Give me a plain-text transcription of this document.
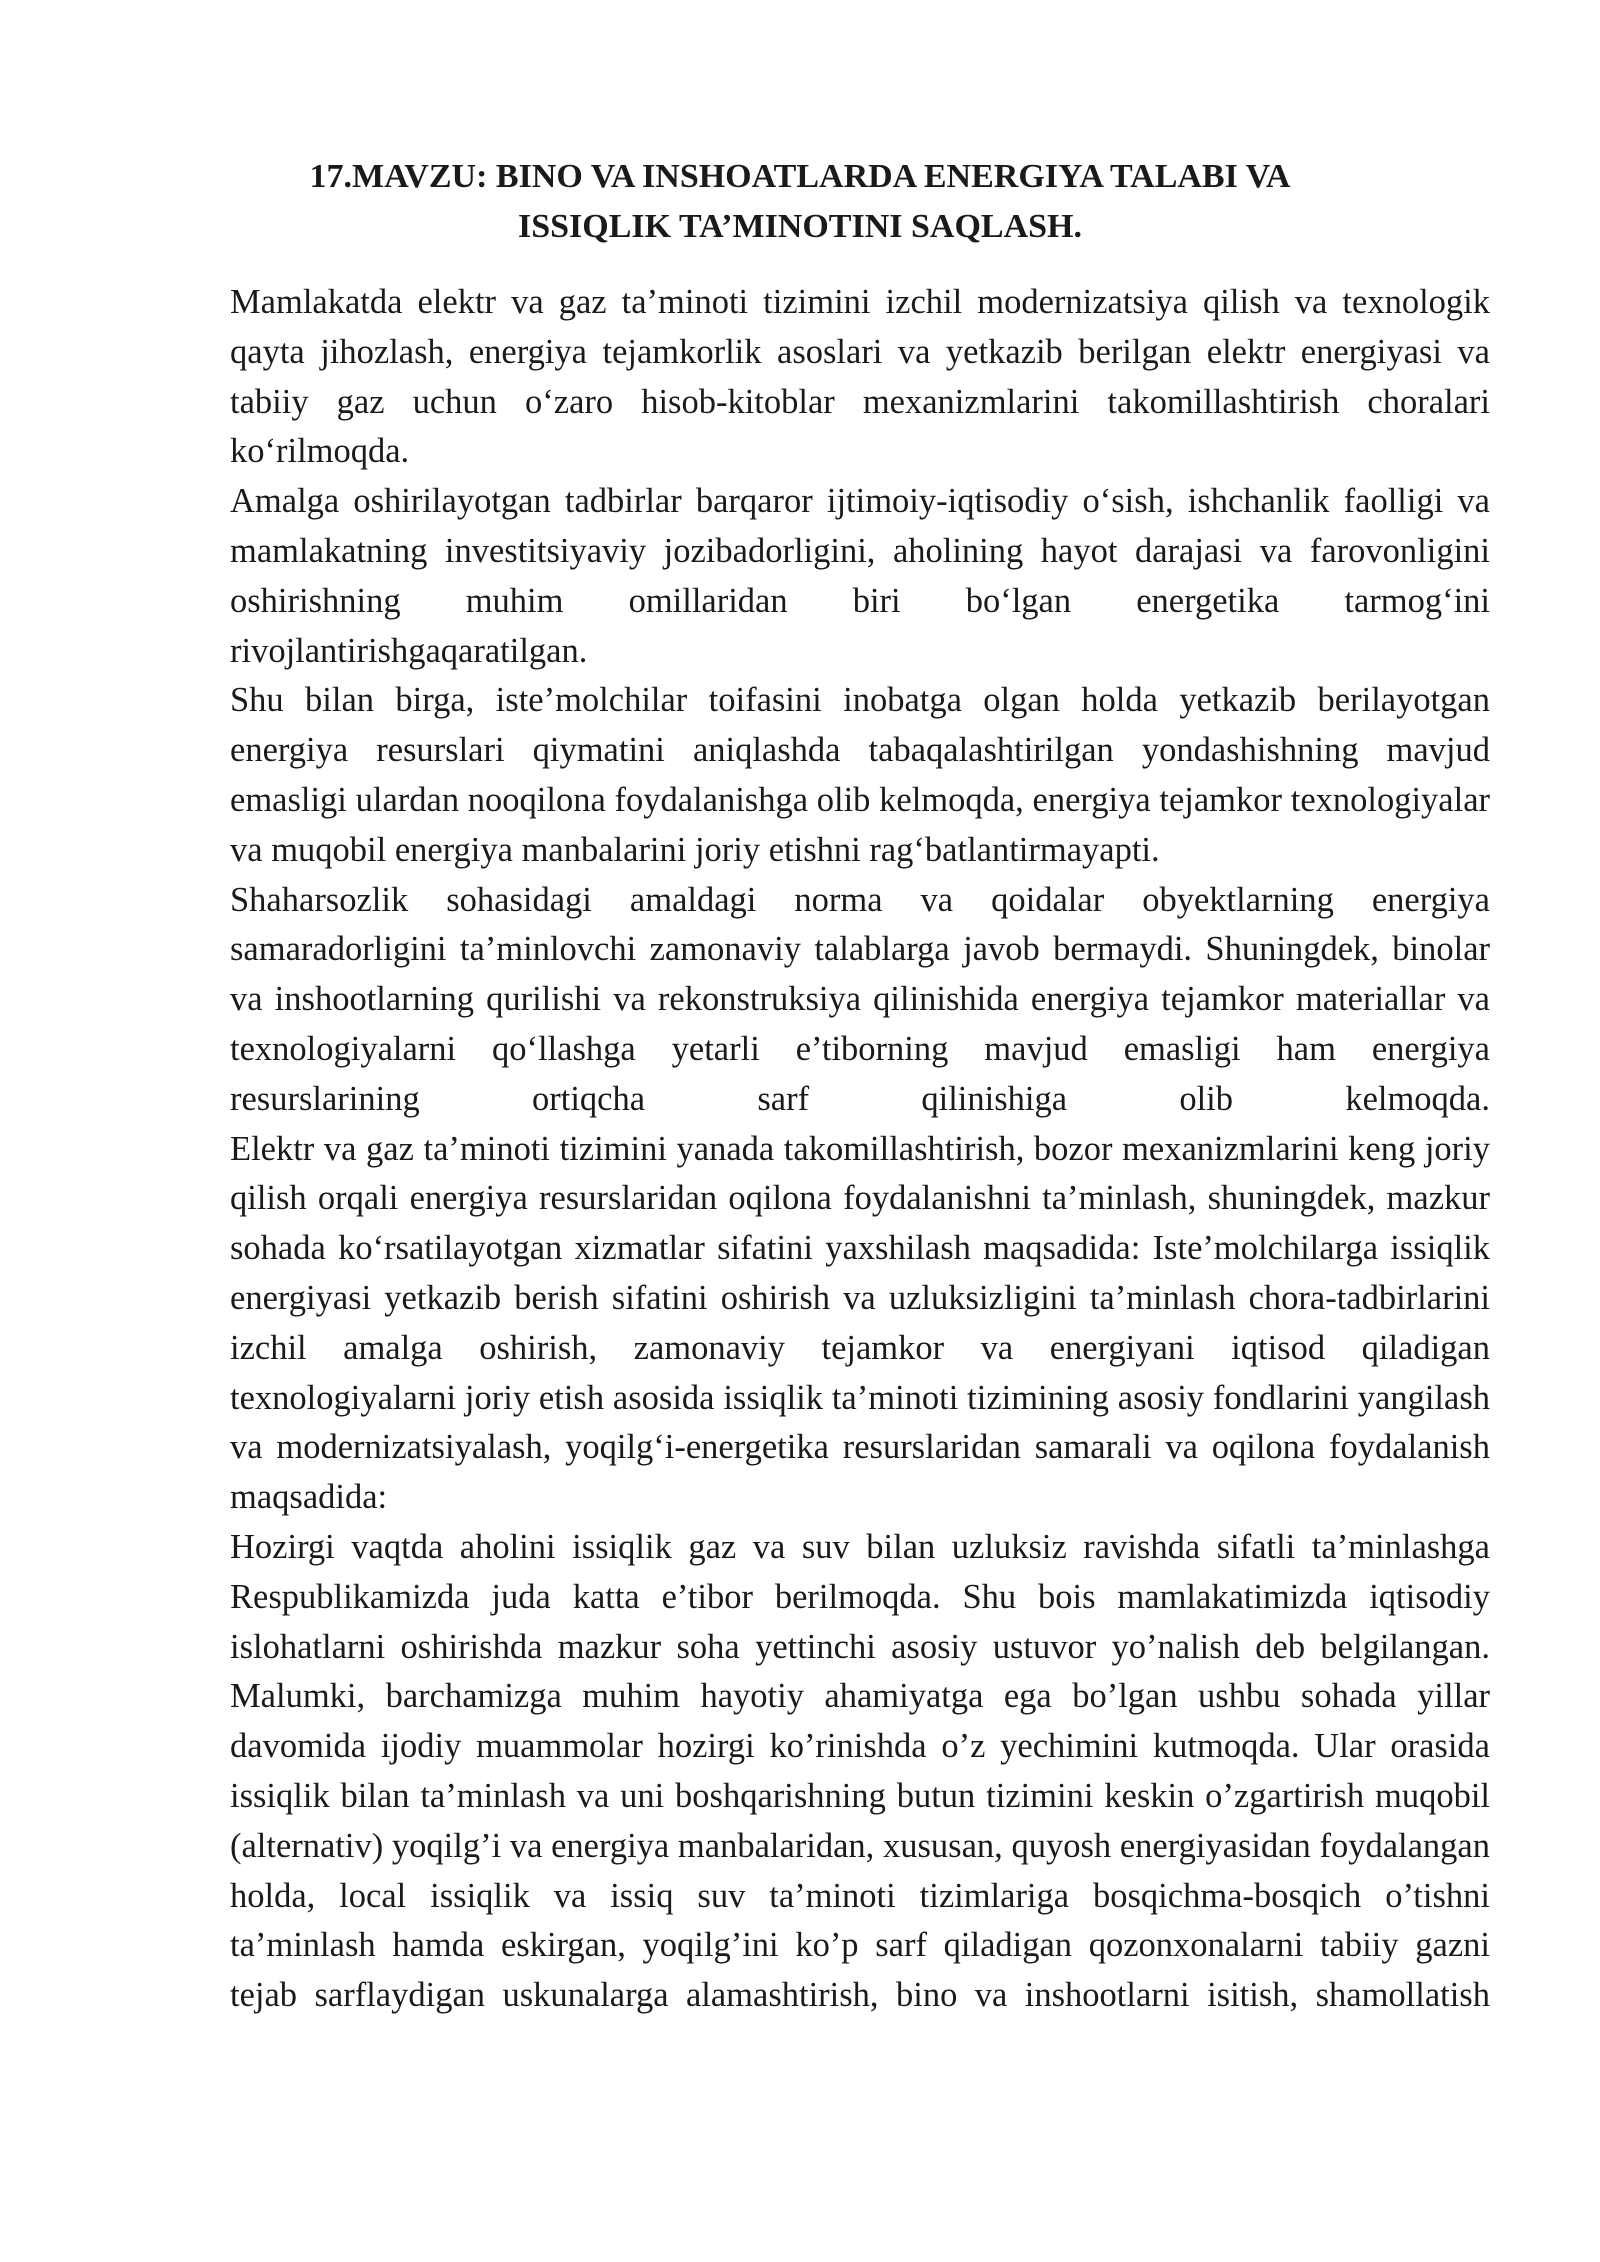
17.MAVZU: BINO VA INSHOATLARDA ENERGIYA TALABI VA
ISSIQLIK TA’MINOTINI SAQLASH.

Mamlakatda elektr va gaz ta’minoti tizimini izchil modernizatsiya qilish va texnologik qayta jihozlash, energiya tejamkorlik asoslari va yetkazib berilgan elektr energiyasi va tabiiy gaz uchun o‘zaro hisob-kitoblar mexanizmlarini takomillashtirish choralari ko‘rilmoqda.

Amalga oshirilayotgan tadbirlar barqaror ijtimoiy-iqtisodiy o‘sish, ishchanlik faolligi va mamlakatning investitsiyaviy jozibadorligini, aholining hayot darajasi va farovonligini oshirishning muhim omillaridan biri bo‘lgan energetika tarmog‘ini rivojlantirishgaqaratilgan.

Shu bilan birga, iste’molchilar toifasini inobatga olgan holda yetkazib berilayotgan energiya resurslari qiymatini aniqlashda tabaqalashtirilgan yondashishning mavjud emasligi ulardan nooqilona foydalanishga olib kelmoqda, energiya tejamkor texnologiyalar va muqobil energiya manbalarini joriy etishni rag‘batlantirmayapti.

Shaharsozlik sohasidagi amaldagi norma va qoidalar obyektlarning energiya samaradorligini ta’minlovchi zamonaviy talablarga javob bermaydi. Shuningdek, binolar va inshootlarning qurilishi va rekonstruksiya qilinishida energiya tejamkor materiallar va texnologiyalarni qo‘llashga yetarli e’tiborning mavjud emasligi ham energiya resurslarining ortiqcha sarf qilinishiga olib kelmoqda.

Elektr va gaz ta’minoti tizimini yanada takomillashtirish, bozor mexanizmlarini keng joriy qilish orqali energiya resurslaridan oqilona foydalanishni ta’minlash, shuningdek, mazkur sohada ko‘rsatilayotgan xizmatlar sifatini yaxshilash maqsadida: Iste’molchilarga issiqlik energiyasi yetkazib berish sifatini oshirish va uzluksizligini ta’minlash chora-tadbirlarini izchil amalga oshirish, zamonaviy tejamkor va energiyani iqtisod qiladigan texnologiyalarni joriy etish asosida issiqlik ta’minoti tizimining asosiy fondlarini yangilash va modernizatsiyalash, yoqilg‘i-energetika resurslaridan samarali va oqilona foydalanish maqsadida:

Hozirgi vaqtda aholini issiqlik gaz va suv bilan uzluksiz ravishda sifatli ta’minlashga Respublikamizda juda katta e’tibor berilmoqda. Shu bois mamlakatimizda iqtisodiy islohatlarni oshirishda mazkur soha yettinchi asosiy ustuvor yo’nalish deb belgilangan. Malumki, barchamizga muhim hayotiy ahamiyatga ega bo’lgan ushbu sohada yillar davomida ijodiy muammolar hozirgi ko’rinishda o’z yechimini kutmoqda. Ular orasida issiqlik bilan ta’minlash va uni boshqarishning butun tizimini keskin o’zgartirish muqobil (alternativ) yoqilg’i va energiya manbalaridan, xususan, quyosh energiyasidan foydalangan holda, local issiqlik va issiq suv ta’minoti tizimlariga bosqichma-bosqich o’tishni ta’minlash hamda eskirgan, yoqilg’ini ko’p sarf qiladigan qozonxonalarni tabiiy gazni tejab sarflaydigan uskunalarga alamashtirish, bino va inshootlarni isitish, shamollatish
